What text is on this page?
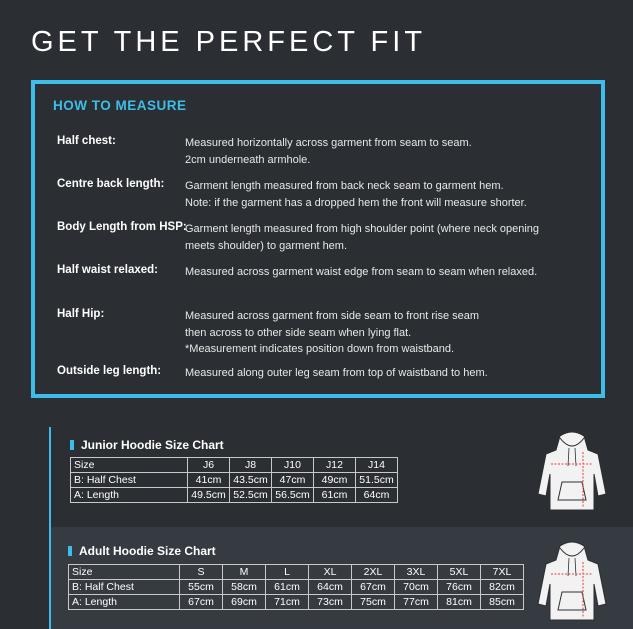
GET THE PERFECT FIT
HOW TO MEASURE
Half chest:	Measured horizontally across garment from seam to seam.
2cm underneath armhole.
Centre back length: Garment length measured from back neck seam to garment hem.
Note: if the garment has a dropped hem the front will measure shorter.
Body Length from HSP:
Garment length measured from high shoulder point (where neck opening
meets shoulder) to garment hem.
Half waist relaxed: Measured across garment waist edge from seam to seam when relaxed.
Half Hip:	Measured across garment from side seam to front rise seam
then across to other side seam when lying flat.
*Measurement indicates position down from waistband.
Outside leg length: Measured along outer leg seam from top of waistband to hem.
Junior Hoodie Size Chart
Size	J6	J8	J10	J12	J14
B: Half Chest	41cm	43.5cm	47cm	49cm	51.5cm
A: Length	49.5cm	52.5cm	56.5cm	61cm	64cm
Adult Hoodie Size Chart
Size	S	M	L	XL	2XL	3XL	5XL	7XL
B: Half Chest	55cm	58cm	61cm	64cm	67cm	70cm	76cm	82cm
A: Length	67cm	69cm	71cm	73cm	75cm	77cm	81cm	85cm
